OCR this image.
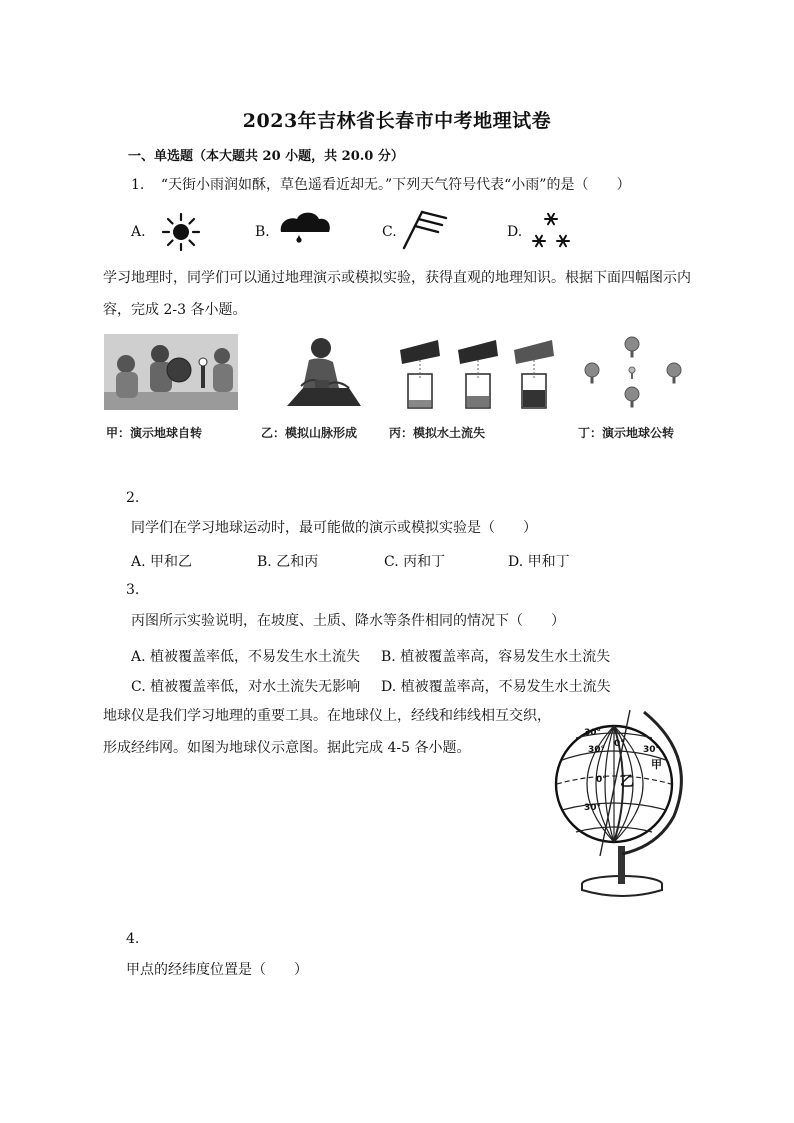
2023年吉林省长春市中考地理试卷
一、单选题（本大题共 20 小题，共 20.0 分）
1. “天街小雨润如酥，草色遥看近却无。”下列天气符号代表“小雨”的是（　　）
A.	B.	C.	D.
学习地理时，同学们可以通过地理演示或模拟实验，获得直观的地理知识。根据下面四幅图示内
容，完成 2-3 各小题。
甲：演示地球自转	乙：模拟山脉形成	丙：模拟水土流失	丁：演示地球公转
2.
同学们在学习地球运动时，最可能做的演示或模拟实验是（　　）
A. 甲和乙	B. 乙和丙	C. 丙和丁	D. 甲和丁
3.
丙图所示实验说明，在坡度、土质、降水等条件相同的情况下（　　）
A. 植被覆盖率低，不易发生水土流失 B. 植被覆盖率高，容易发生水土流失
C. 植被覆盖率低，对水土流失无影响 D. 植被覆盖率高，不易发生水土流失
地球仪是我们学习地理的重要工具。在地球仪上，经线和纬线相互交织，
形成经纬网。如图为地球仪示意图。据此完成 4-5 各小题。
30°
30°
0°
30°
甲
0° 乙
30°
4.
甲点的经纬度位置是（　　）
